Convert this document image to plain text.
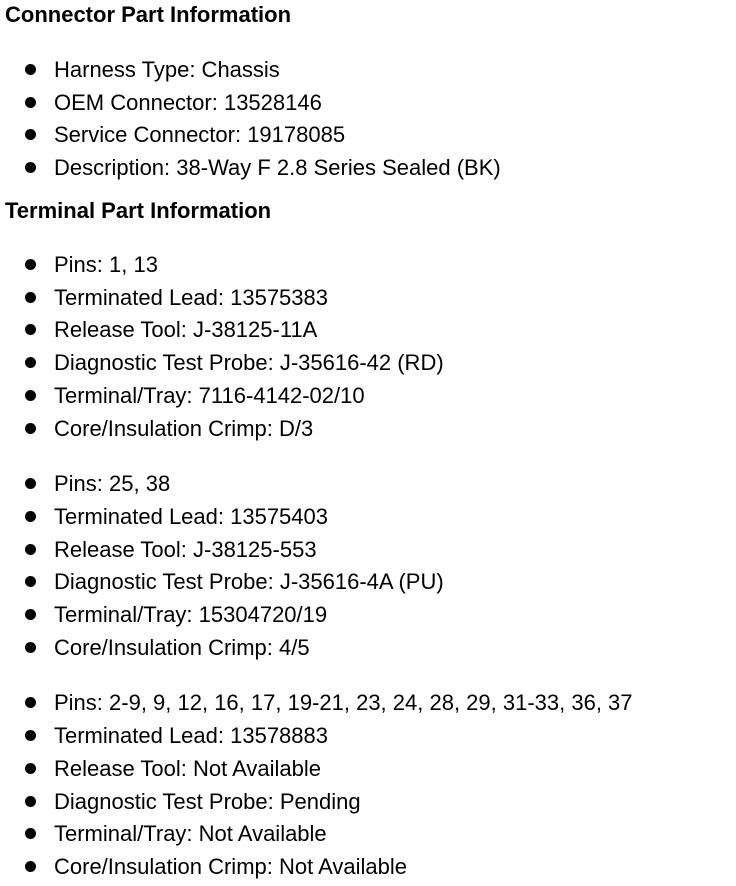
Connector Part Information
Harness Type: Chassis
OEM Connector: 13528146
Service Connector: 19178085
Description: 38-Way F 2.8 Series Sealed (BK)
Terminal Part Information
Pins: 1, 13
Terminated Lead: 13575383
Release Tool: J-38125-11A
Diagnostic Test Probe: J-35616-42 (RD)
Terminal/Tray: 7116-4142-02/10
Core/Insulation Crimp: D/3
Pins: 25, 38
Terminated Lead: 13575403
Release Tool: J-38125-553
Diagnostic Test Probe: J-35616-4A (PU)
Terminal/Tray: 15304720/19
Core/Insulation Crimp: 4/5
Pins: 2-9, 9, 12, 16, 17, 19-21, 23, 24, 28, 29, 31-33, 36, 37
Terminated Lead: 13578883
Release Tool: Not Available
Diagnostic Test Probe: Pending
Terminal/Tray: Not Available
Core/Insulation Crimp: Not Available
